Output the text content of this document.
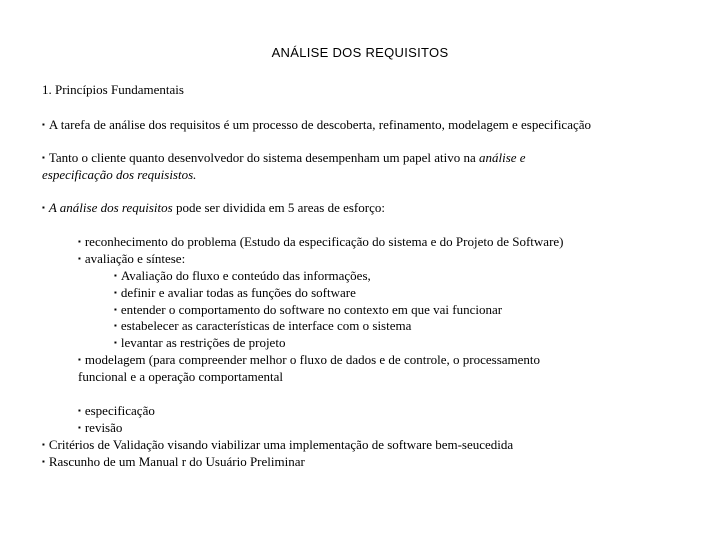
ANÁLISE DOS REQUISITOS
1. Princípios Fundamentais
▪ A tarefa de análise dos requisitos é um processo de descoberta, refinamento, modelagem e especificação
▪ Tanto o cliente quanto desenvolvedor do sistema desempenham um papel ativo na análise e
especificação dos requisistos.
▪ A análise dos requisitos pode ser dividida em 5 areas de esforço:
▪ reconhecimento do problema (Estudo da especificação do sistema e do Projeto de Software)
▪ avaliação e síntese:
▪ Avaliação do fluxo e conteúdo das informações,
▪ definir e avaliar todas as funções do software
▪ entender o comportamento do software no contexto em que vai funcionar
▪ estabelecer as características de interface com o sistema
▪ levantar as restrições de projeto
▪ modelagem (para compreender melhor o fluxo de dados e de controle, o processamento
funcional e a operação comportamental
▪ especificação
▪ revisão
▪ Critérios de Validação visando viabilizar uma implementação de software bem-seucedida
▪ Rascunho de um Manual r do Usuário Preliminar
